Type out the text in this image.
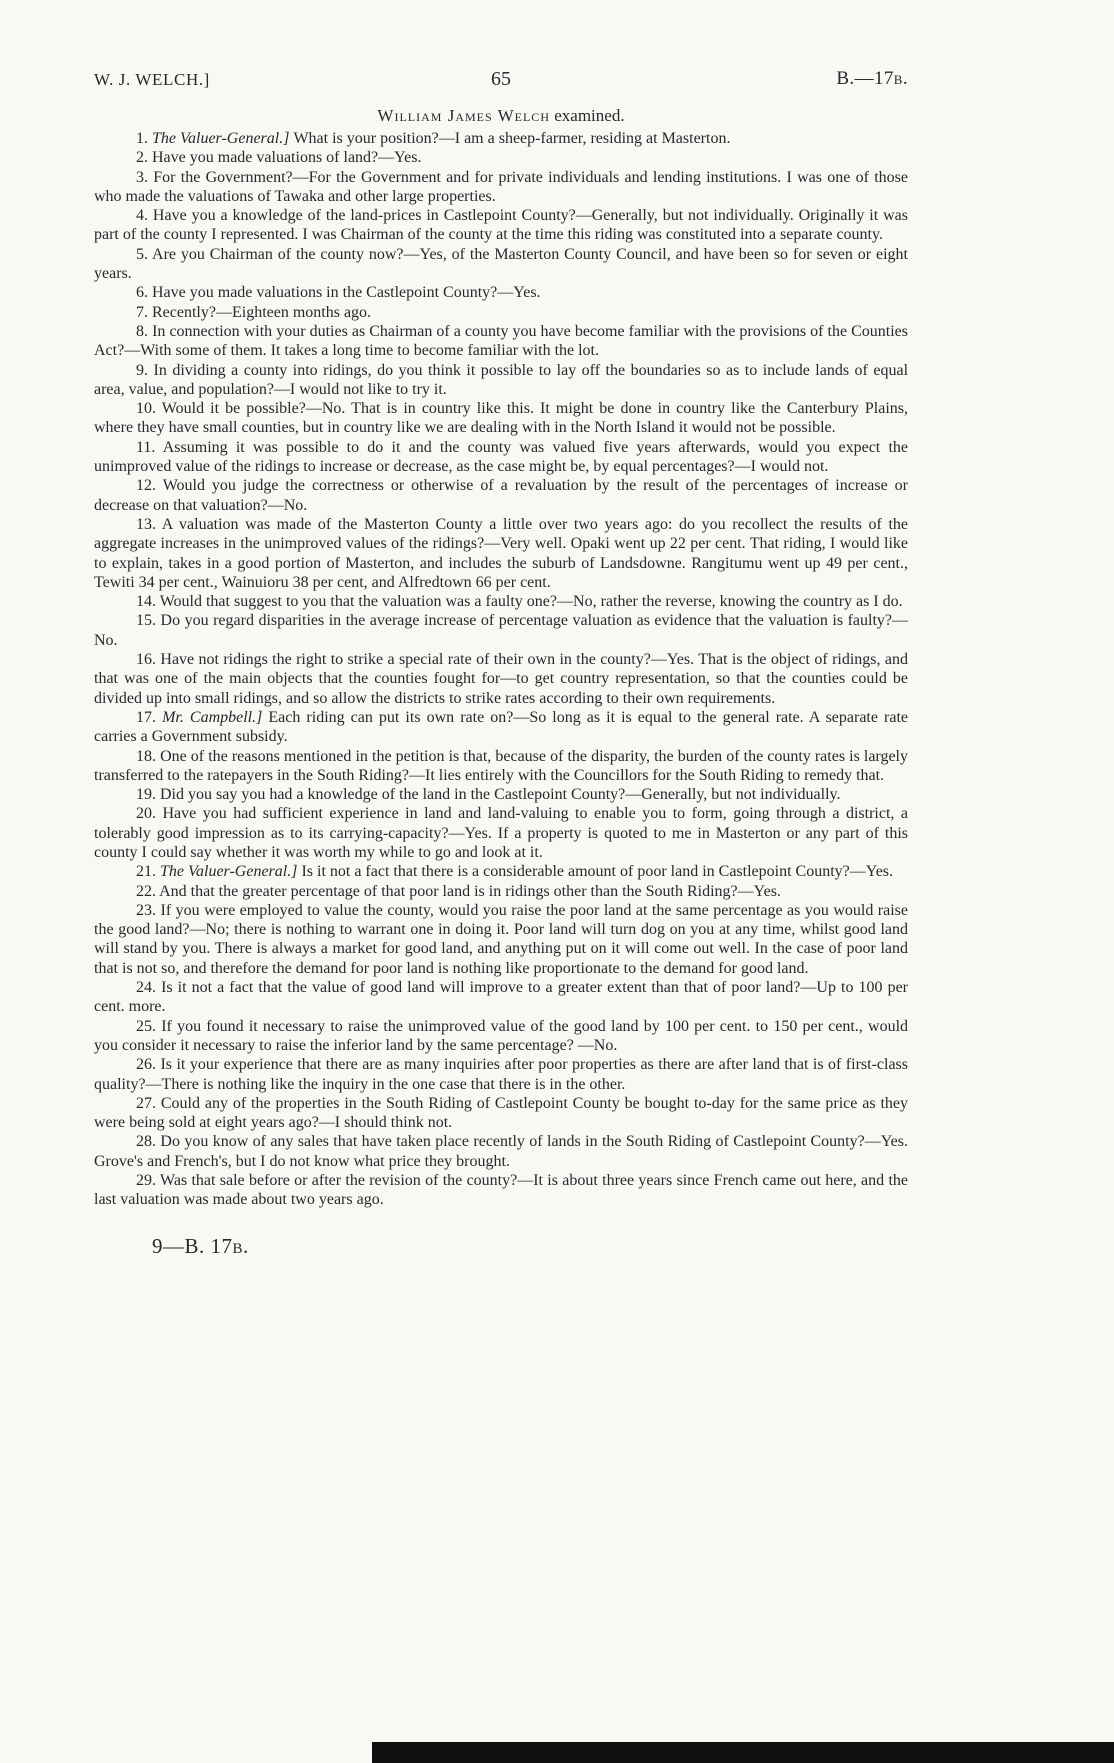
W. J. WELCH.]	65	B.—17b.
William James Welch examined.

1. The Valuer-General.] What is your position?—I am a sheep-farmer, residing at Masterton.

2. Have you made valuations of land?—Yes.

3. For the Government?—For the Government and for private individuals and lending institutions. I was one of those who made the valuations of Tawaka and other large properties.

4. Have you a knowledge of the land-prices in Castlepoint County?—Generally, but not individually. Originally it was part of the county I represented. I was Chairman of the county at the time this riding was constituted into a separate county.

5. Are you Chairman of the county now?—Yes, of the Masterton County Council, and have been so for seven or eight years.

6. Have you made valuations in the Castlepoint County?—Yes.

7. Recently?—Eighteen months ago.

8. In connection with your duties as Chairman of a county you have become familiar with the provisions of the Counties Act?—With some of them. It takes a long time to become familiar with the lot.

9. In dividing a county into ridings, do you think it possible to lay off the boundaries so as to include lands of equal area, value, and population?—I would not like to try it.

10. Would it be possible?—No. That is in country like this. It might be done in country like the Canterbury Plains, where they have small counties, but in country like we are dealing with in the North Island it would not be possible.

11. Assuming it was possible to do it and the county was valued five years afterwards, would you expect the unimproved value of the ridings to increase or decrease, as the case might be, by equal percentages?—I would not.

12. Would you judge the correctness or otherwise of a revaluation by the result of the percentages of increase or decrease on that valuation?—No.

13. A valuation was made of the Masterton County a little over two years ago: do you recollect the results of the aggregate increases in the unimproved values of the ridings?—Very well. Opaki went up 22 per cent. That riding, I would like to explain, takes in a good portion of Masterton, and includes the suburb of Landsdowne. Rangitumu went up 49 per cent., Tewiti 34 per cent., Wainuioru 38 per cent, and Alfredtown 66 per cent.

14. Would that suggest to you that the valuation was a faulty one?—No, rather the reverse, knowing the country as I do.

15. Do you regard disparities in the average increase of percentage valuation as evidence that the valuation is faulty?—No.

16. Have not ridings the right to strike a special rate of their own in the county?—Yes. That is the object of ridings, and that was one of the main objects that the counties fought for—to get country representation, so that the counties could be divided up into small ridings, and so allow the districts to strike rates according to their own requirements.

17. Mr. Campbell.] Each riding can put its own rate on?—So long as it is equal to the general rate. A separate rate carries a Government subsidy.

18. One of the reasons mentioned in the petition is that, because of the disparity, the burden of the county rates is largely transferred to the ratepayers in the South Riding?—It lies entirely with the Councillors for the South Riding to remedy that.

19. Did you say you had a knowledge of the land in the Castlepoint County?—Generally, but not individually.

20. Have you had sufficient experience in land and land-valuing to enable you to form, going through a district, a tolerably good impression as to its carrying-capacity?—Yes. If a property is quoted to me in Masterton or any part of this county I could say whether it was worth my while to go and look at it.

21. The Valuer-General.] Is it not a fact that there is a considerable amount of poor land in Castlepoint County?—Yes.

22. And that the greater percentage of that poor land is in ridings other than the South Riding?—Yes.

23. If you were employed to value the county, would you raise the poor land at the same percentage as you would raise the good land?—No; there is nothing to warrant one in doing it. Poor land will turn dog on you at any time, whilst good land will stand by you. There is always a market for good land, and anything put on it will come out well. In the case of poor land that is not so, and therefore the demand for poor land is nothing like proportionate to the demand for good land.

24. Is it not a fact that the value of good land will improve to a greater extent than that of poor land?—Up to 100 per cent. more.

25. If you found it necessary to raise the unimproved value of the good land by 100 per cent. to 150 per cent., would you consider it necessary to raise the inferior land by the same percentage? —No.

26. Is it your experience that there are as many inquiries after poor properties as there are after land that is of first-class quality?—There is nothing like the inquiry in the one case that there is in the other.

27. Could any of the properties in the South Riding of Castlepoint County be bought to-day for the same price as they were being sold at eight years ago?—I should think not.

28. Do you know of any sales that have taken place recently of lands in the South Riding of Castlepoint County?—Yes. Grove's and French's, but I do not know what price they brought.

29. Was that sale before or after the revision of the county?—It is about three years since French came out here, and the last valuation was made about two years ago.

9—B. 17b.
